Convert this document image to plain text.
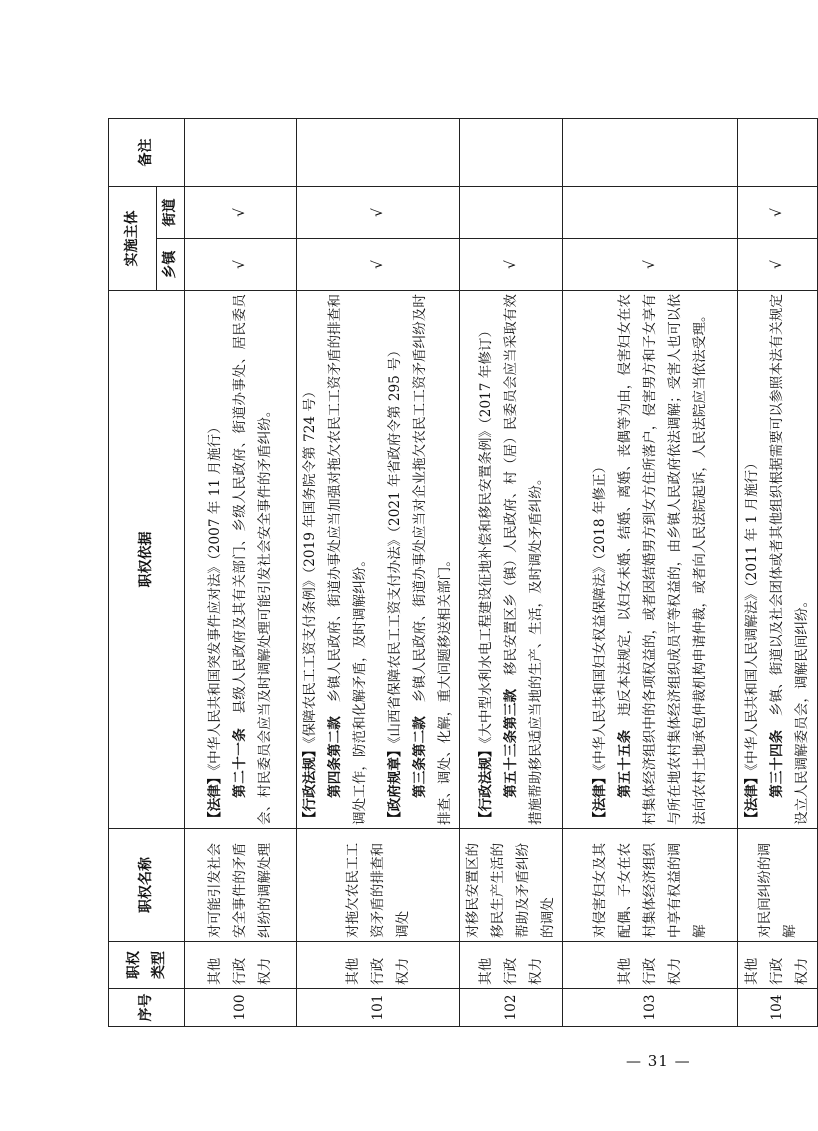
序号	职权类型	职权名称	职权依据	实施主体		备注
				乡镇	街道	
100	其他行政权力	对可能引发社会安全事件的矛盾纠纷的调解处理	【法律】《中华人民共和国突发事件应对法》（2007 年 11 月施行） 第二十一条　县级人民政府及其有关部门、乡级人民政府、街道办事处、居民委员会、村民委员会应当及时调解处理可能引发社会安全事件的矛盾纠纷。	√	√	
101	其他行政权力	对拖欠农民工工资矛盾的排查和调处	【行政法规】《保障农民工工资支付条例》（2019 年国务院令第 724 号）

第四条第二款　乡镇人民政府、街道办事处应当加强对拖欠农民工工资矛盾的排查和调处工作，防范和化解矛盾，及时调解纠纷。 【政府规章】《山西省保障农民工工资支付办法》（2021 年省政府令第 295 号）

第三条第二款　乡镇人民政府、街道办事处应当对企业拖欠农民工工资矛盾纠纷及时排查、调处、化解，重大问题移送相关部门。	√	√	
102	其他行政权力	对移民安置区的移民生产生活的帮助及矛盾纠纷的调处	【行政法规】《大中型水利水电工程建设征地补偿和移民安置条例》（2017 年修订） 第五十三条第三款　移民安置区乡（镇）人民政府、村（居）民委员会应当采取有效措施帮助移民适应当地的生产、生活，及时调处矛盾纠纷。	√		
103	其他行政权力	对侵害妇女及其配偶、子女在农村集体经济组织中享有权益的调解	【法律】《中华人民共和国妇女权益保障法》（2018 年修正） 第五十五条　违反本法规定，以妇女未婚、结婚、离婚、丧偶等为由，侵害妇女在农村集体经济组织中的各项权益的，或者因结婚男方到女方住所落户，侵害男方和子女享有与所在地农村集体经济组织成员平等权益的，由乡镇人民政府依法调解；受害人也可以依法向农村土地承包仲裁机构申请仲裁，或者向人民法院起诉，人民法院应当依法受理。	√		
104	其他行政权力	对民间纠纷的调解	【法律】《中华人民共和国人民调解法》（2011 年 1 月施行） 第三十四条　乡镇、街道以及社会团体或者其他组织根据需要可以参照本法有关规定设立人民调解委员会，调解民间纠纷。	√	√	
— 31 —
